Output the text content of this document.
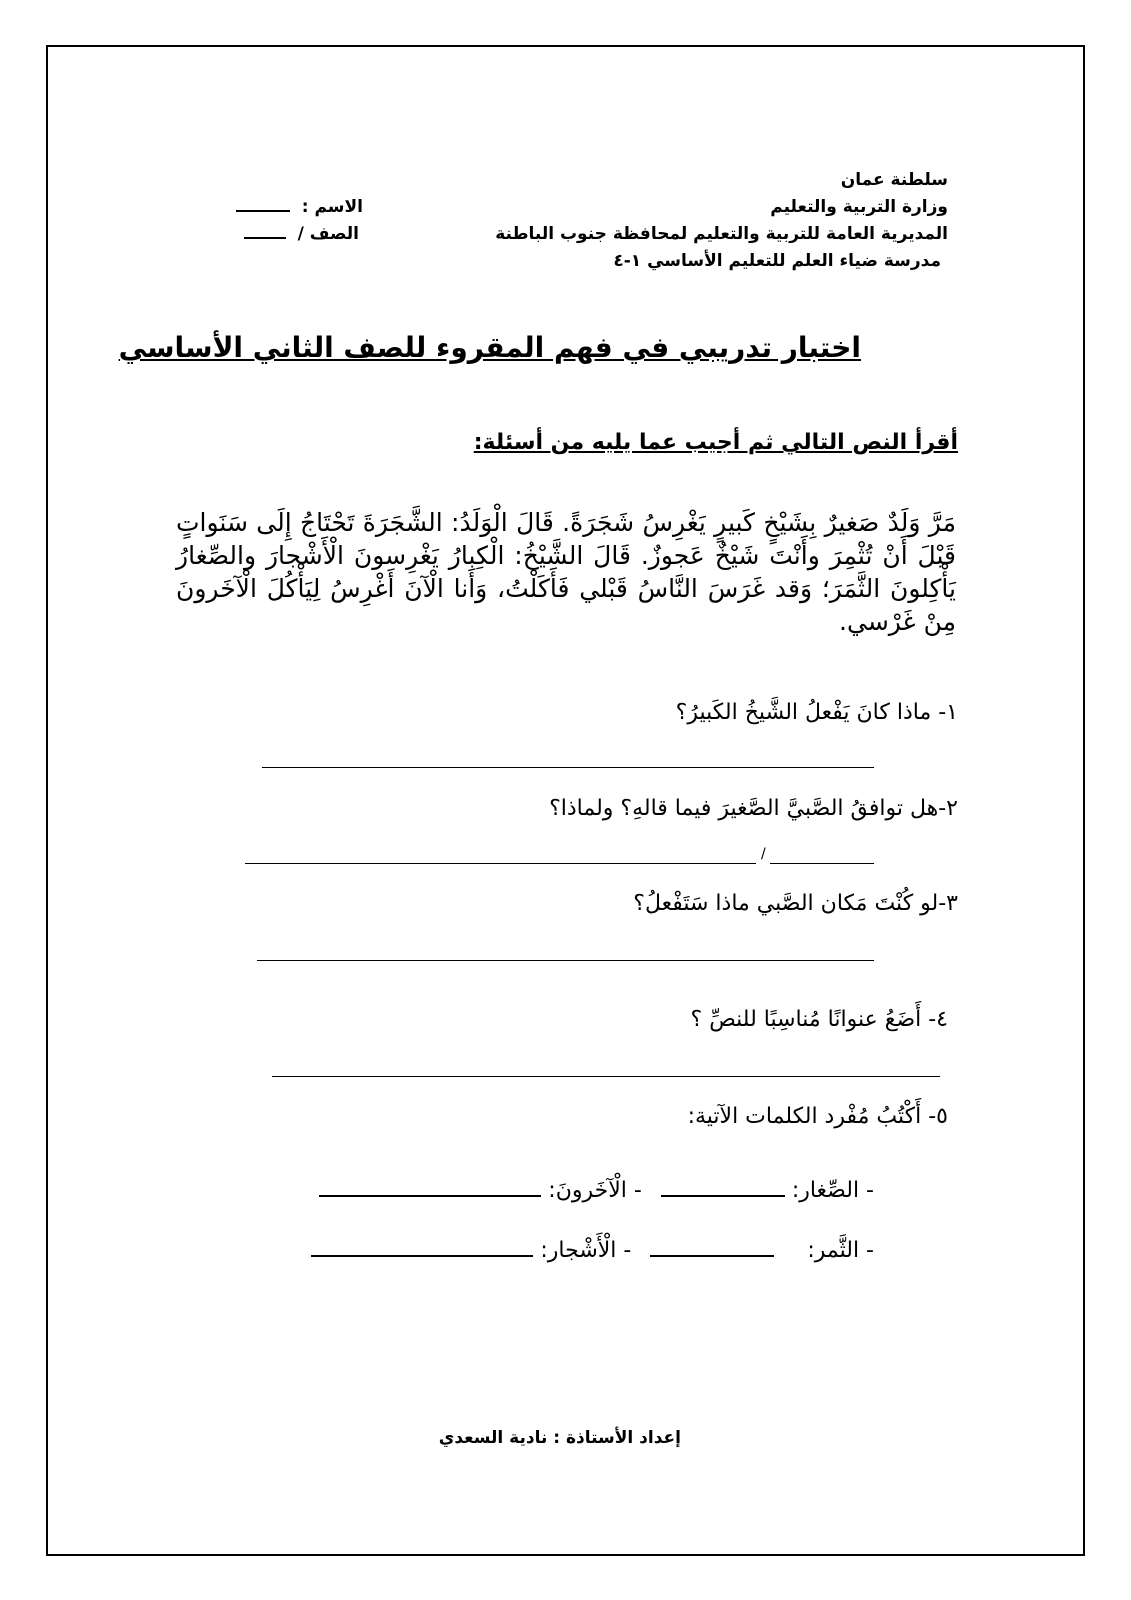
سلطنة عمان
وزارة التربية والتعليم
المديرية العامة للتربية والتعليم لمحافظة جنوب الباطنة
مدرسة ضياء العلم للتعليم الأساسي ١-٤
الاسم :
الصف /
اختبار تدريبي في فهم المقروء للصف الثاني الأساسي
أقرأ النص التالي ثم أجيب عما يليه من أسئلة:
مَرَّ وَلَدٌ صَغيرٌ بِشَيْخٍ كَبيرٍ يَغْرِسُ شَجَرَةً. قَالَ الْوَلَدُ: الشَّجَرَةَ تَحْتَاجُ إِلَى سَنَواتٍ قَبْلَ أَنْ تُثْمِرَ وأَنْتَ شَيْخٌ عَجوزٌ. قَالَ الشَّيْخُ: الْكِبارُ يَغْرِسونَ الْأَشْجارَ والصِّغارُ يَأْكِلونَ الثَّمَرَ؛ وَقد غَرَسَ النَّاسُ قَبْلي فَأَكَلْتُ، وَأَنا الْآنَ أَغْرِسُ لِيَأْكُلَ الْآخَرونَ مِنْ غَرْسي.
١- ماذا كانَ يَفْعلُ الشَّيخُ الكَبيرُ؟
٢-هل توافقُ الصَّبيَّ الصَّغيرَ فيما قالهِ؟ ولماذا؟
/
٣-لو كُنْتَ مَكان الصَّبي ماذا سَتَفْعلُ؟
٤- أَضَعُ عنوانًا مُناسِبًا للنصِّ ؟
٥- أَكْتُبُ مُفْرد الكلمات الآتية:
- الصِّغار:  - الْآخَرونَ:
- الثَّمر:  - الْأَشْجار:
إعداد الأستاذة : نادية السعدي
